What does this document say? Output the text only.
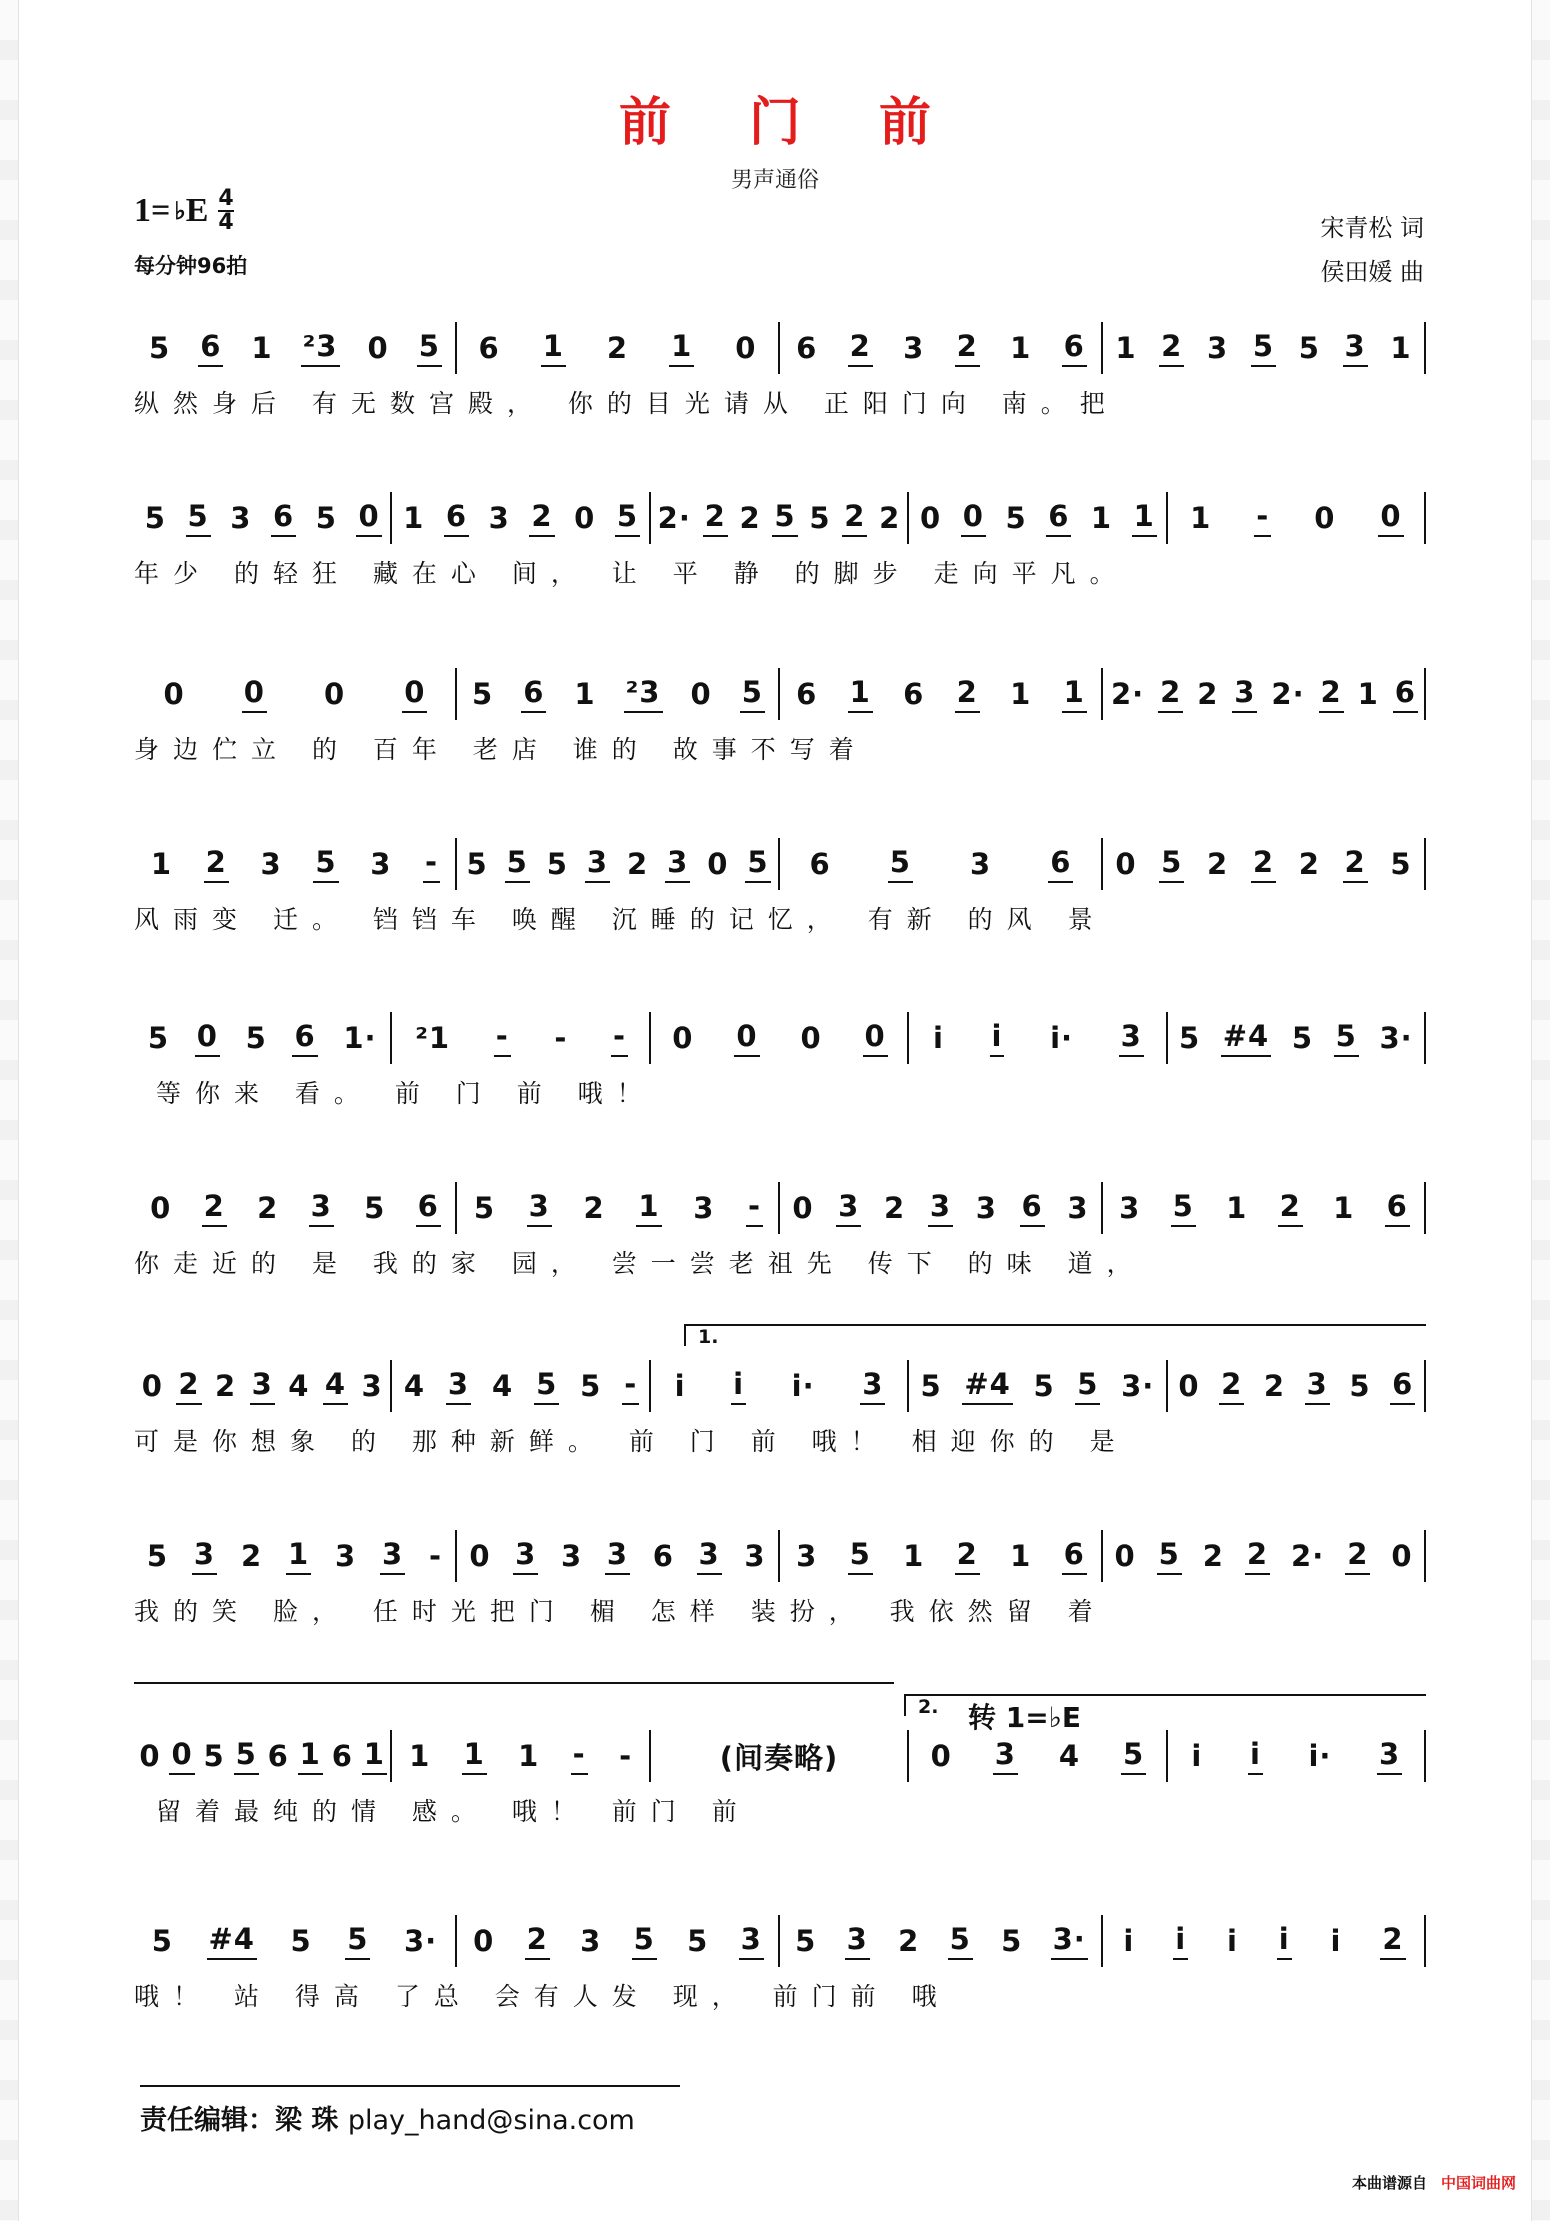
前门前
男声通俗
1= ♭ E 4
4
每分钟96拍
宋青松 词
侯田媛 曲
5 6 1 ²3 0 5 6 1 2 1 0 6 2 3 2 1 6 1 2 3 5 5 3 1
纵然身后 有无数宫殿， 你的目光请从 正阳门向 南。把
5 5 3 6 5 0 1 6 3 2 0 5 2· 2 2 5 5 2 2 0 0 5 6 1 1 1 - 0 0
年少 的轻狂 藏在心 间， 让 平 静 的脚步 走向平凡。
0 0 0 0 5 6 1 ²3 0 5 6 1 6 2 1 1 2· 2 2 3 2· 2 1 6
身边伫立 的 百年 老店 谁的 故事不写着
1 2 3 5 3 - 5 5 5 3 2 3 0 5 6 5 3 6 0 5 2 2 2 2 5
风雨变 迁。 铛铛车 唤醒 沉睡的记忆， 有新 的风 景
5 0 5 6 1· ²1 - - - 0 0 0 0 i i i· 3 5 #4 5 5 3·
等你来 看。 前 门 前 哦！
0 2 2 3 5 6 5 3 2 1 3 - 0 3 2 3 3 6 3 3 5 1 2 1 6
你走近的 是 我的家 园， 尝一尝老祖先 传下 的味 道，
1.
0 2 2 3 4 4 3 4 3 4 5 5 - i i i· 3 5 #4 5 5 3· 0 2 2 3 5 6
可是你想象 的 那种新鲜。 前 门 前 哦！ 相迎你的 是
5 3 2 1 3 3 - 0 3 3 3 6 3 3 3 5 1 2 1 6 0 5 2 2 2· 2 0
我的笑 脸， 任时光把门 楣 怎样 装扮， 我依然留 着
2. 转 1=♭E
0 0 5 5 6 1 6 1 1 1 1 - -	(间奏略)	0 3 4 5 i i i· 3
留着最纯的情 感。 哦！ 前门 前
5 #4 5 5 3· 0 2 3 5 5 3 5 3 2 5 5 3· i i i i i 2
哦！ 站 得高 了总 会有人发 现， 前门前 哦
责任编辑：梁 珠 play_hand@sina.com
本曲谱源自 中国词曲网
